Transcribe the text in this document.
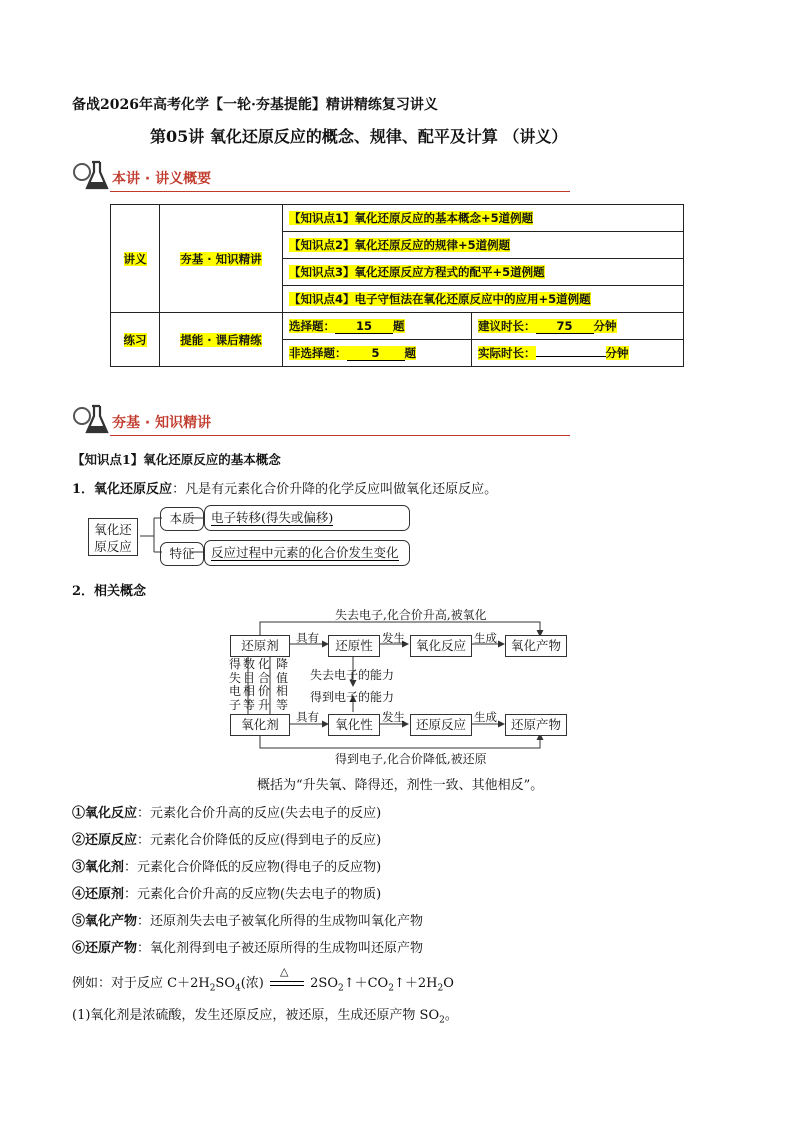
备战2026年高考化学【一轮·夯基提能】精讲精练复习讲义
第05讲 氧化还原反应的概念、规律、配平及计算 （讲义）
本讲 · 讲义概要
讲义	夯基 · 知识精讲	【知识点1】氧化还原反应的基本概念+5道例题	
		【知识点2】氧化还原反应的规律+5道例题	
		【知识点3】氧化还原反应方程式的配平+5道例题	
		【知识点4】电子守恒法在氧化还原反应中的应用+5道例题	
练习	提能 · 课后精练	选择题： 15 题	建议时长： 75 分钟
		非选择题： 5 题	实际时长： 分钟
夯基 · 知识精讲
【知识点1】氧化还原反应的基本概念
1．氧化还原反应：凡是有元素化合价升降的化学反应叫做氧化还原反应。
氧化还原反应
本质	电子转移(得失或偏移)
特征	反应过程中元素的化合价发生变化
2．相关概念
失去电子,化合价升高,被氧化
得到电子,化合价降低,被还原
还原剂	还原性	氧化反应	氧化产物
氧化剂	氧化性	还原反应	还原产物
具有	发生	生成
具有	发生	生成
失去电子的能力
得到电子的能力
得失电子
数目相等
化合价升
降值相等
概括为“升失氧、降得还，剂性一致、其他相反”。
①氧化反应：元素化合价升高的反应(失去电子的反应)
②还原反应：元素化合价降低的反应(得到电子的反应)
③氧化剂：元素化合价降低的反应物(得电子的反应物)
④还原剂：元素化合价升高的反应物(失去电子的物质)
⑤氧化产物：还原剂失去电子被氧化所得的生成物叫氧化产物
⑥还原产物：氧化剂得到电子被还原所得的生成物叫还原产物
例如：对于反应 $C+2H_2SO_4$(浓)
△
$2SO_2↑+CO_2↑+2H_2O$
(1)氧化剂是浓硫酸，发生还原反应，被还原，生成还原产物 $SO_2$。
